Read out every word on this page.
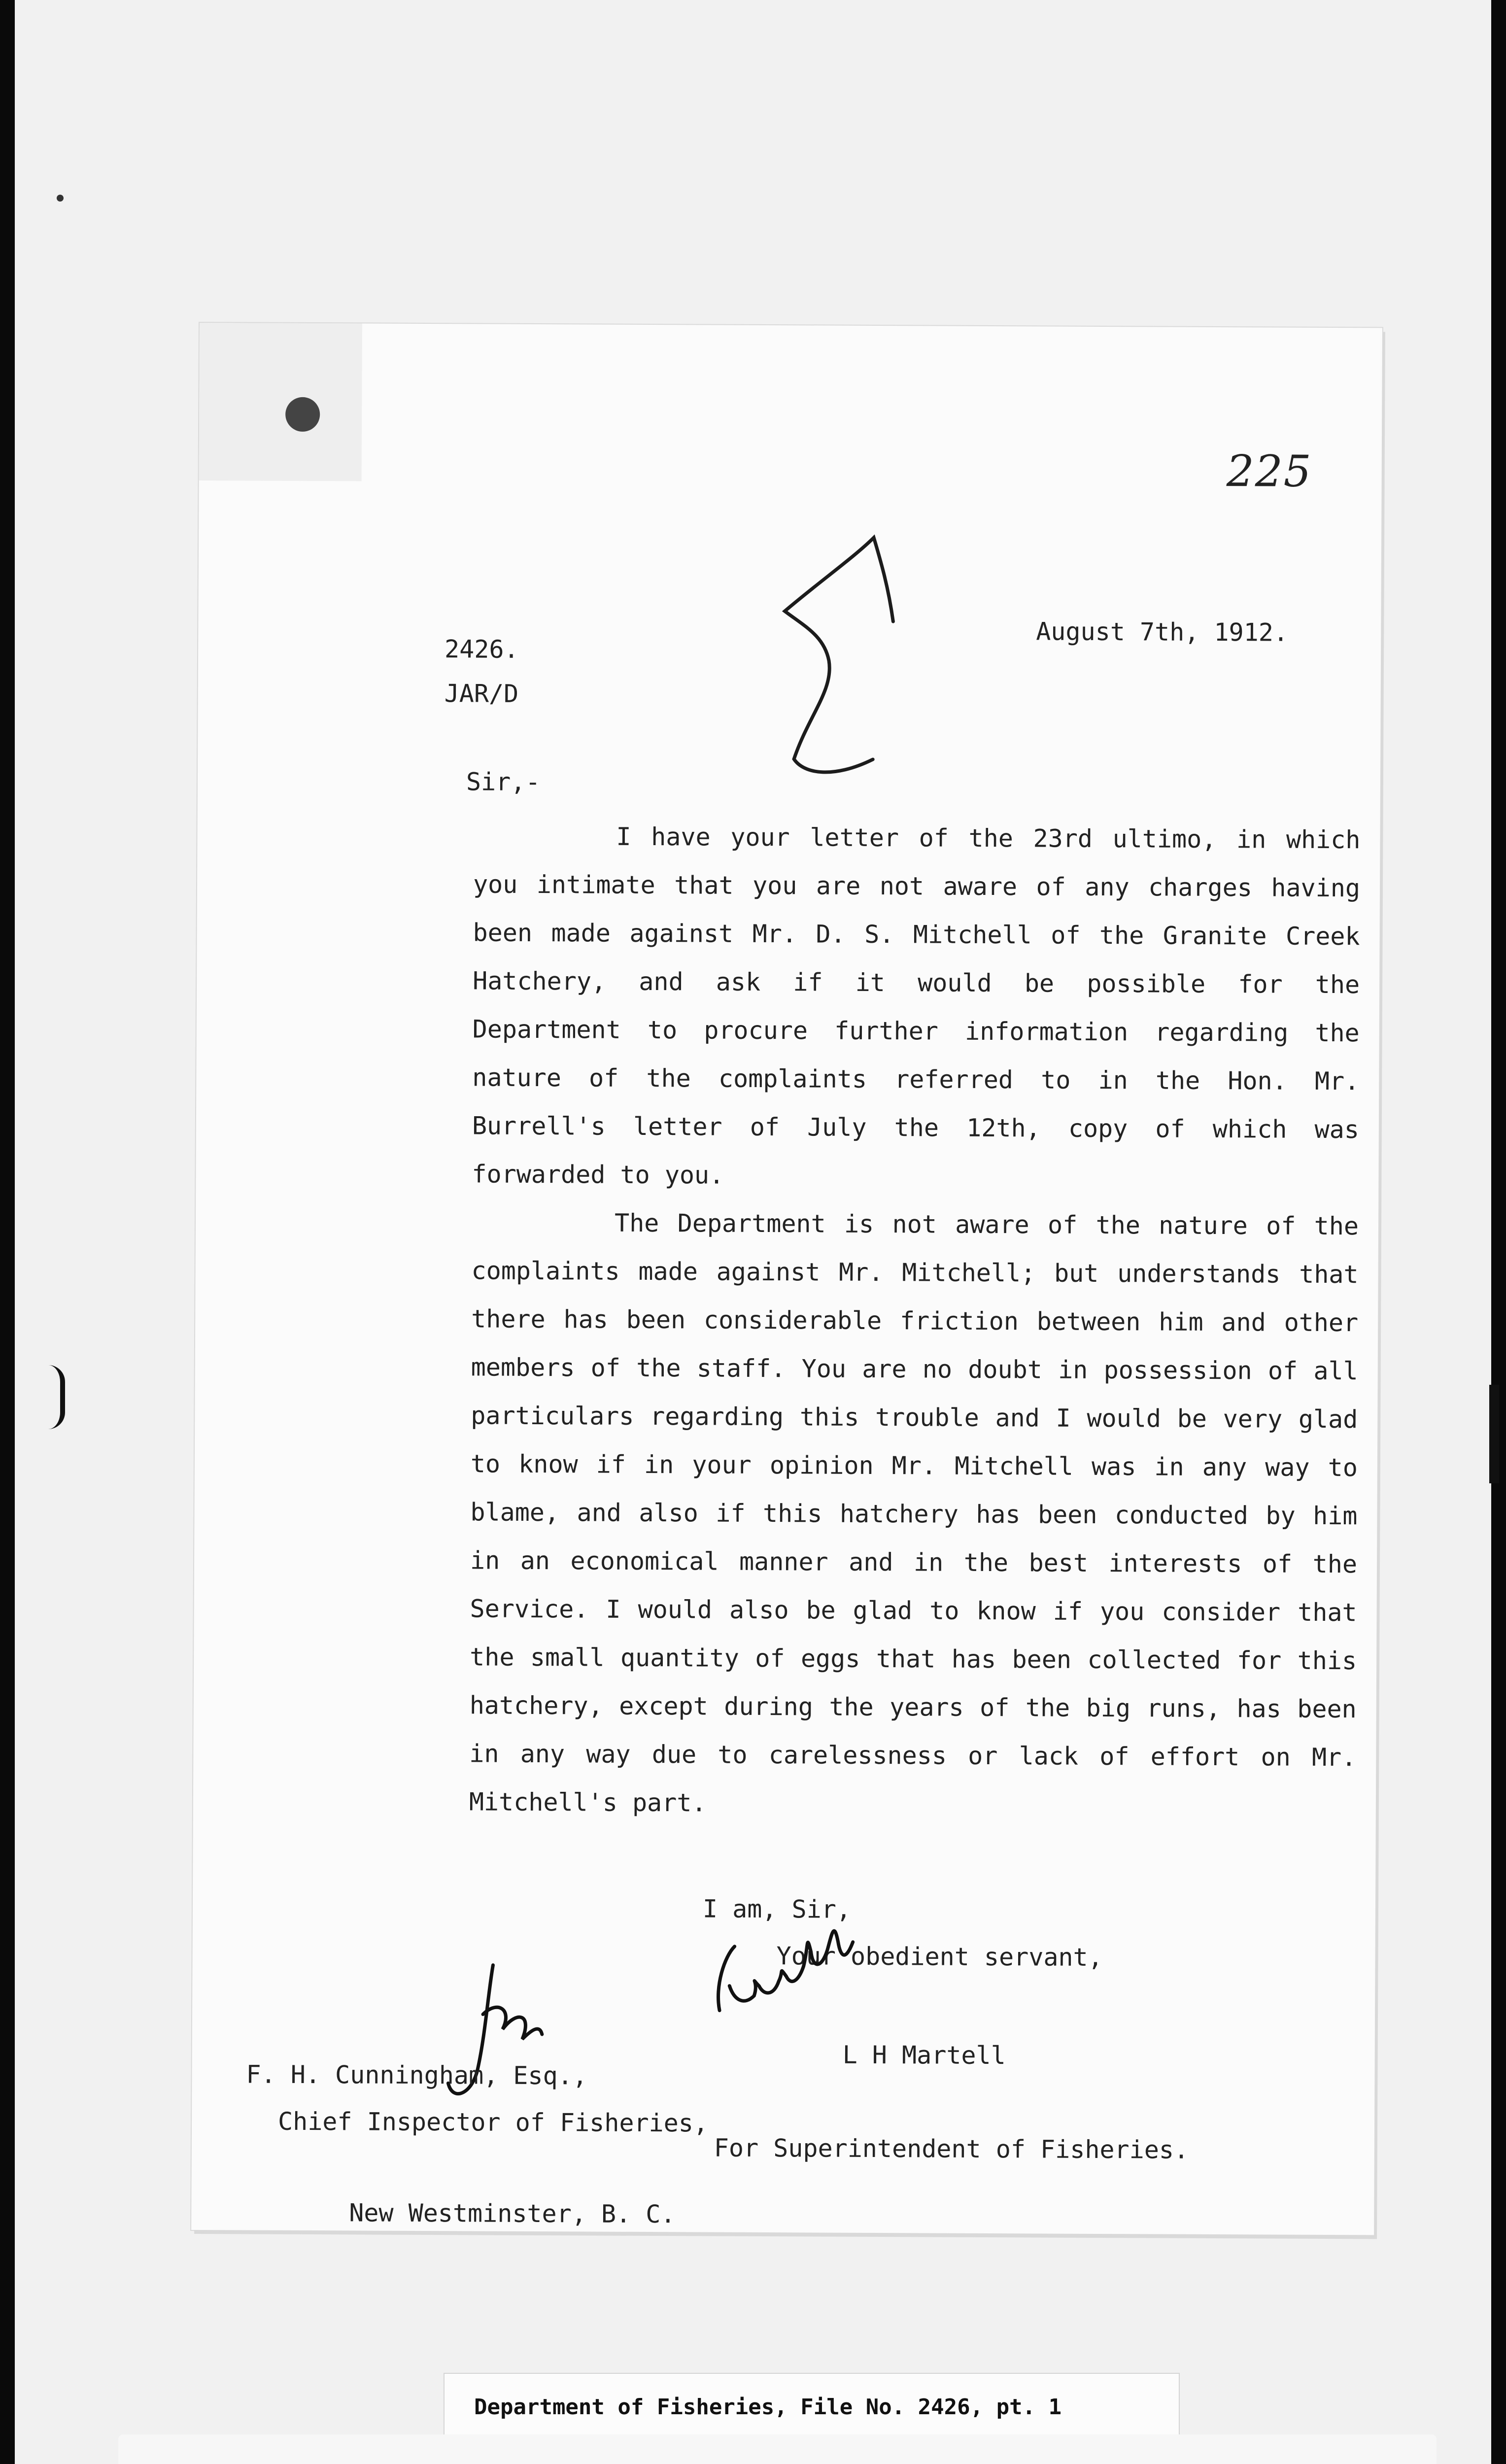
225
2426.
JAR/D
August 7th, 1912.
Sir,-

I have your letter of the 23rd ultimo, in which you intimate that you are not aware of any charges having been made against Mr. D. S. Mitchell of the Granite Creek Hatchery, and ask if it would be possible for the Department to procure further information regarding the nature of the complaints referred to in the Hon. Mr. Burrell's letter of July the 12th, copy of which was forwarded to you.

The Department is not aware of the nature of the complaints made against Mr. Mitchell; but understands that there has been considerable friction between him and other members of the staff. You are no doubt in possession of all particulars regarding this trouble and I would be very glad to know if in your opinion Mr. Mitchell was in any way to blame, and also if this hatchery has been conducted by him in an economical manner and in the best interests of the Service. I would also be glad to know if you consider that the small quantity of eggs that has been collected for this hatchery, except during the years of the big runs, has been in any way due to carelessness or lack of effort on Mr. Mitchell's part.

I am, Sir,
Your obedient servant,
L H Martell
For Superintendent of Fisheries.
F. H. Cunningham, Esq.,
Chief Inspector of Fisheries,
New Westminster, B. C.
Department of Fisheries, File No. 2426, pt. 1
